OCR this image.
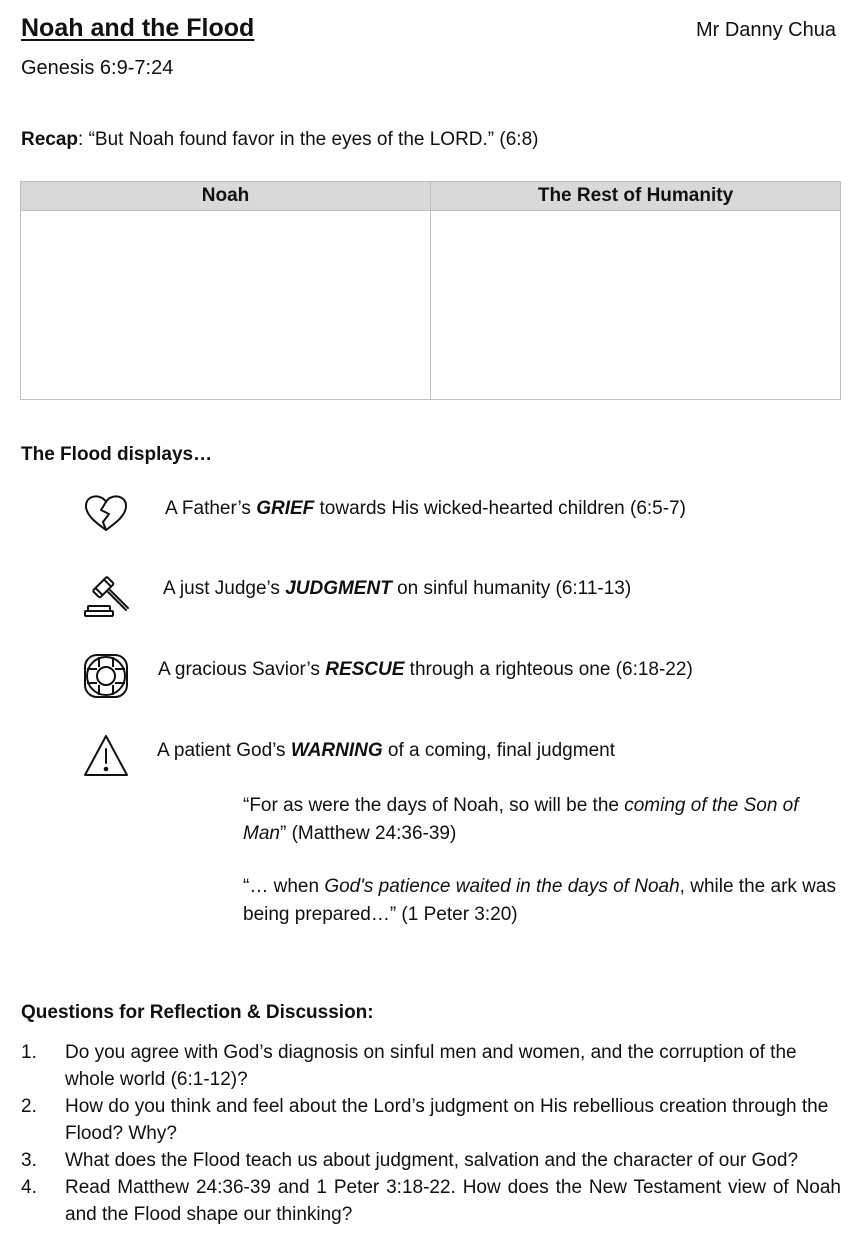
Noah and the Flood	Mr Danny Chua
Genesis 6:9-7:24
Recap: “But Noah found favor in the eyes of the LORD.” (6:8)
Noah	The Rest of Humanity

The Flood displays…
A Father’s GRIEF towards His wicked-hearted children (6:5-7)
A just Judge’s JUDGMENT on sinful humanity (6:11-13)
A gracious Savior’s RESCUE through a righteous one (6:18-22)
A patient God’s WARNING of a coming, final judgment
“For as were the days of Noah, so will be the coming of the Son of Man” (Matthew 24:36-39)
“… when God's patience waited in the days of Noah, while the ark was being prepared…” (1 Peter 3:20)
Questions for Reflection & Discussion:
1. Do you agree with God’s diagnosis on sinful men and women, and the corruption of the whole world (6:1-12)?
2. How do you think and feel about the Lord’s judgment on His rebellious creation through the Flood? Why?
3. What does the Flood teach us about judgment, salvation and the character of our God?
4. Read Matthew 24:36-39 and 1 Peter 3:18-22. How does the New Testament view of Noah and the Flood shape our thinking?
